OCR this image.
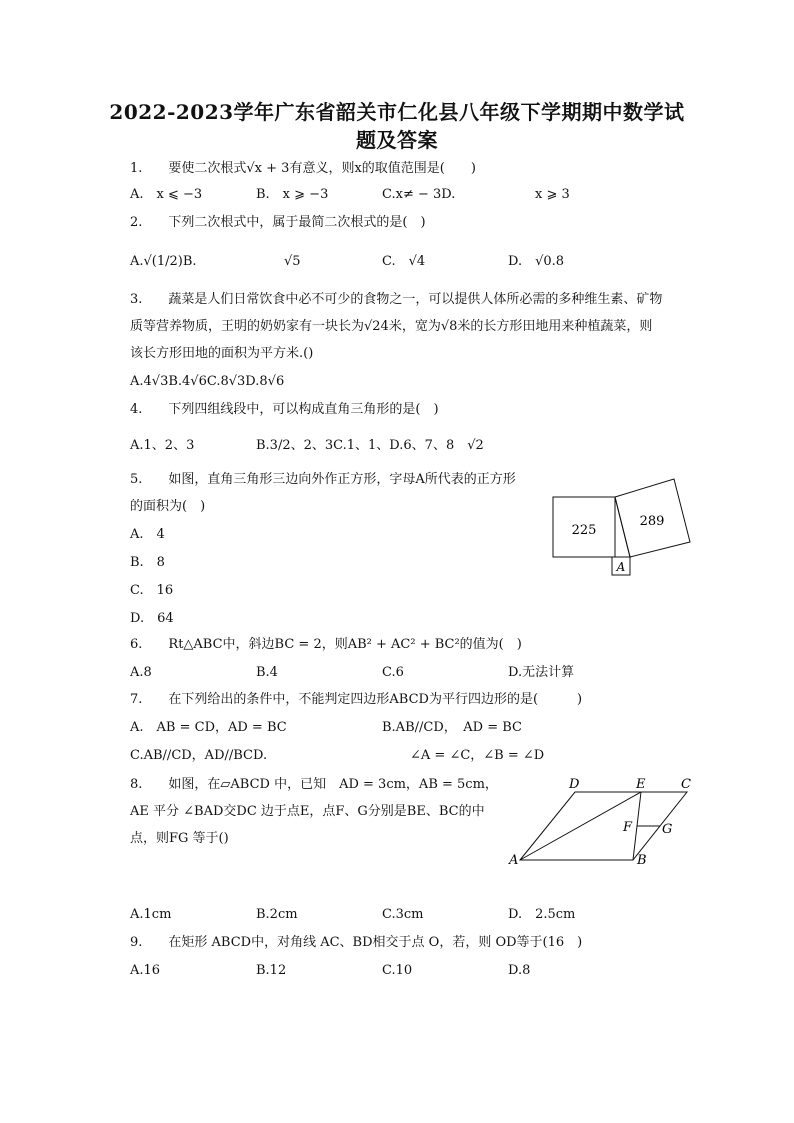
2022-2023学年广东省韶关市仁化县八年级下学期期中数学试
题及答案
1.　　要使二次根式√x + 3有意义，则x的取值范围是(　　)
A.　x ⩽ −3	B.　x ⩾ −3	C.x≠ − 3D.	x ⩾ 3
2.　　下列二次根式中，属于最简二次根式的是(　)
A.√(1/2)B.	√5	C.　√4	D.　√0.8
3.　　蔬菜是人们日常饮食中必不可少的食物之一，可以提供人体所必需的多种维生素、矿物
质等营养物质，王明的奶奶家有一块长为√24米，宽为√8米的长方形田地用来种植蔬菜，则
该长方形田地的面积为平方米.()
A.4√3B.4√6C.8√3D.8√6
4.　　下列四组线段中，可以构成直角三角形的是(　)
A.1、2、3	B.3/2、2、3C.1、1、D.6、7、8　√2
5.　　如图，直角三角形三边向外作正方形，字母A所代表的正方形
的面积为(　)
A.　4
B.　8
C.　16
D.　64
225
289
A
6.　　Rt△ABC中，斜边BC = 2，则AB² + AC² + BC²的值为(　)
A.8	B.4	C.6	D.无法计算
7.　　在下列给出的条件中，不能判定四边形ABCD为平行四边形的是(　　　)
A.　AB = CD，AD = BC	B.AB//CD，　AD = BC
C.AB//CD，AD//BCD.	∠A = ∠C，∠B = ∠D
8.　　如图，在▱ABCD 中，已知　AD = 3cm，AB = 5cm，
AE 平分 ∠BAD交DC 边于点E，点F、G分别是BE、BC的中
点，则FG 等于()
A.1cm	B.2cm	C.3cm	D.　2.5cm
D	E	C
F G
A	B
9.　　在矩形 ABCD中，对角线 AC、BD相交于点 O，若，则 OD等于(16　)
A.16	B.12	C.10	D.8
